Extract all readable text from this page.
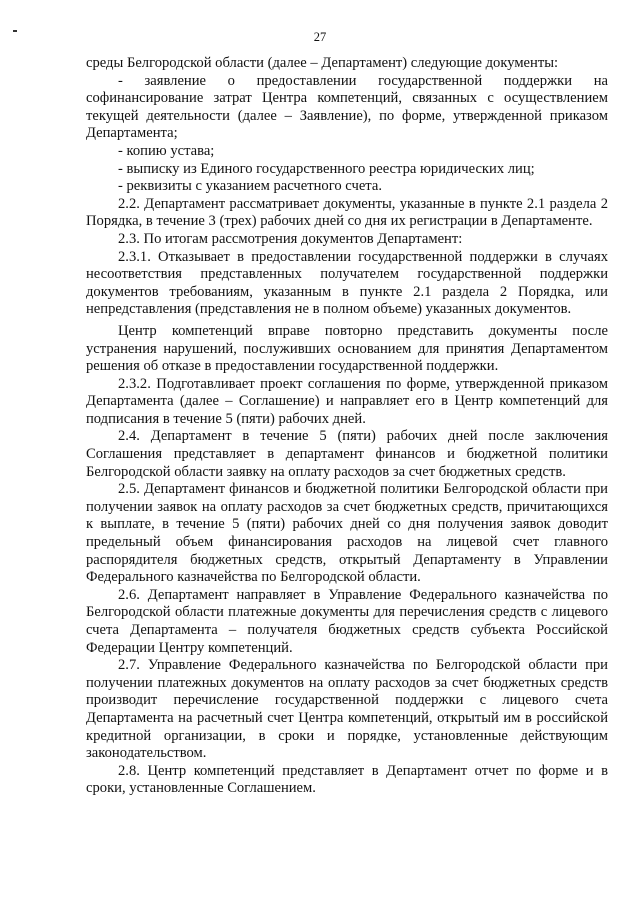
27

среды Белгородской области (далее – Департамент) следующие документы:

- заявление о предоставлении государственной поддержки на софинансирование затрат Центра компетенций, связанных с осуществлением текущей деятельности (далее – Заявление), по форме, утвержденной приказом Департамента;

- копию устава;

- выписку из Единого государственного реестра юридических лиц;

- реквизиты с указанием расчетного счета.

2.2. Департамент рассматривает документы, указанные в пункте 2.1 раздела 2 Порядка, в течение 3 (трех) рабочих дней со дня их регистрации в Департаменте.

2.3. По итогам рассмотрения документов Департамент:

2.3.1. Отказывает в предоставлении государственной поддержки в случаях несоответствия представленных получателем государственной поддержки документов требованиям, указанным в пункте 2.1 раздела 2 Порядка, или непредставления (представления не в полном объеме) указанных документов.

Центр компетенций вправе повторно представить документы после устранения нарушений, послуживших основанием для принятия Департаментом решения об отказе в предоставлении государственной поддержки.

2.3.2. Подготавливает проект соглашения по форме, утвержденной приказом Департамента (далее – Соглашение) и направляет его в Центр компетенций для подписания в течение 5 (пяти) рабочих дней.

2.4. Департамент в течение 5 (пяти) рабочих дней после заключения Соглашения представляет в департамент финансов и бюджетной политики Белгородской области заявку на оплату расходов за счет бюджетных средств.

2.5. Департамент финансов и бюджетной политики Белгородской области при получении заявок на оплату расходов за счет бюджетных средств, причитающихся к выплате, в течение 5 (пяти) рабочих дней со дня получения заявок доводит предельный объем финансирования расходов на лицевой счет главного распорядителя бюджетных средств, открытый Департаменту в Управлении Федерального казначейства по Белгородской области.

2.6. Департамент направляет в Управление Федерального казначейства по Белгородской области платежные документы для перечисления средств с лицевого счета Департамента – получателя бюджетных средств субъекта Российской Федерации Центру компетенций.

2.7. Управление Федерального казначейства по Белгородской области при получении платежных документов на оплату расходов за счет бюджетных средств производит перечисление государственной поддержки с лицевого счета Департамента на расчетный счет Центра компетенций, открытый им в российской кредитной организации, в сроки и порядке, установленные действующим законодательством.

2.8. Центр компетенций представляет в Департамент отчет по форме и в сроки, установленные Соглашением.
